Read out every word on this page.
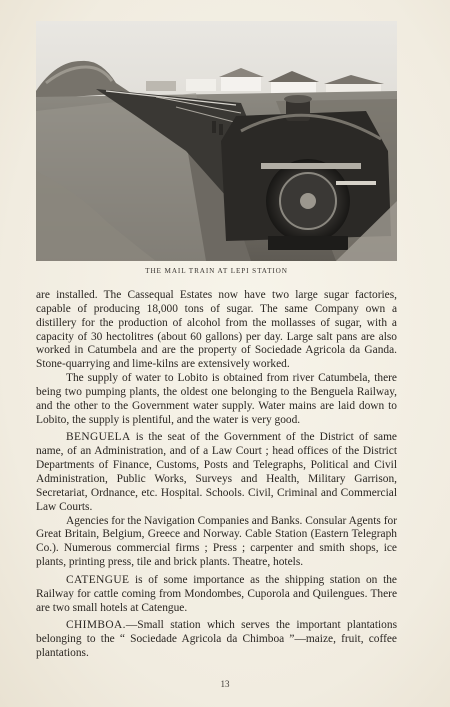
THE MAIL TRAIN AT LEPI STATION

are installed. The Cassequal Estates now have two large sugar factories, capable of producing 18,000 tons of sugar. The same Company own a distillery for the production of alcohol from the mollasses of sugar, with a capacity of 30 hectolitres (about 60 gallons) per day. Large salt pans are also worked in Catumbela and are the property of Sociedade Agricola da Ganda. Stone-quarrying and lime-kilns are extensively worked.

The supply of water to Lobito is obtained from river Catumbela, there being two pumping plants, the oldest one belonging to the Benguela Railway, and the other to the Government water supply. Water mains are laid down to Lobito, the supply is plentiful, and the water is very good.

BENGUELA is the seat of the Government of the District of same name, of an Administration, and of a Law Court ; head offices of the District Departments of Finance, Customs, Posts and Telegraphs, Political and Civil Administration, Public Works, Surveys and Health, Military Garrison, Secretariat, Ordnance, etc. Hospital. Schools. Civil, Criminal and Commercial Law Courts.

Agencies for the Navigation Companies and Banks. Consular Agents for Great Britain, Belgium, Greece and Norway. Cable Station (Eastern Telegraph Co.). Numerous commercial firms ; Press ; carpenter and smith shops, ice plants, printing press, tile and brick plants. Theatre, hotels.

CATENGUE is of some importance as the shipping station on the Railway for cattle coming from Mondombes, Cuporola and Quilengues. There are two small hotels at Catengue.

CHIMBOA.—Small station which serves the important plantations belonging to the “ Sociedade Agricola da Chimboa ”—maize, fruit, coffee plantations.

13
